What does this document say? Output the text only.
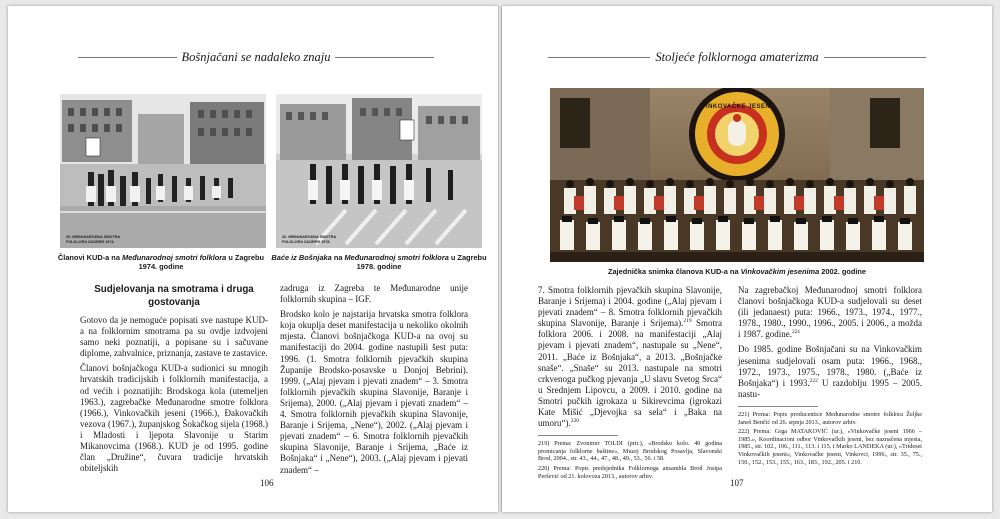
Bošnjačani se nadaleko znaju
33. MEĐUNARODNA SMOTRA FOLKLORA ZAGREB 1974.
32. MEĐUNARODNA SMOTRA FOLKLORA ZAGREB 1978.
Članovi KUD-a na Međunarodnoj smotri folklora u Zagrebu 1974. godine
Baće iz Bošnjaka na Međunarodnoj smotri folklora u Zagrebu 1978. godine
Sudjelovanja na smotrama i druga gostovanja

Gotovo da je nemoguće popisati sve nastupe KUD-a na folklornim smotrama pa su ovdje izdvojeni samo neki poznatiji, a popisane su i sačuvane diplome, zahvalnice, priznanja, zastave te zastavice.

Članovi bošnjačkoga KUD-a sudionici su mnogih hrvatskih tradicijskih i folklornih manifestacija, a od većih i poznatijih: Brodskoga kola (utemeljen 1963.), zagrebačke Međunarodne smotre folklora (1966.), Vinkovačkih jeseni (1966.), Đakovačkih vezova (1967.), županjskog Šokačkog sijela (1968.) i Mladosti i ljepota Slavonije u Starim Mikanovcima (1968.). KUD je od 1995. godine član „Družine“, čuvara tradicije hrvatskih obiteljskih

zadruga iz Zagreba te Međunarodne unije folklornih skupina – IGF.

Brodsko kolo je najstarija hrvatska smotra folklora koja okuplja deset manifestacija u nekoliko okolnih mjesta. Članovi bošnjačkoga KUD-a na ovoj su manifestaciji do 2004. godine nastupili šest puta: 1996. (1. Smotra folklornih pjevačkih skupina Županije Brodsko-posavske u Donjoj Bebrini). 1999. („Alaj pjevam i pjevati znadem“ – 3. Smotra folklornih pjevačkih skupina Slavonije, Baranje i Srijema), 2000. („Alaj pjevam i pjevati znadem“ – 4. Smotra folklornih pjevačkih skupina Slavonije, Baranje i Srijema, „Nene“), 2002. („Alaj pjevam i pjevati znadem“ – 6. Smotra folklornih pjevačkih skupina Slavonije, Baranje i Srijema, „Baće iz Bošnjaka“ i „Nene“), 2003. („Alaj pjevam i pjevati znadem“ –

106
Stoljeće folklornoga amaterizma
VINKOVAČKE JESENI
Zajednička snimka članova KUD-a na Vinkovačkim jesenima 2002. godine

7. Smotra folklornih pjevačkih skupina Slavonije, Baranje i Srijema) i 2004. godine („Alaj pjevam i pjevati znadem“ – 8. Smotra folklornih pjevačkih skupina Slavonije, Baranje i Srijema).$^{219}$ Smotra folklora 2006. i 2008. na manifestaciji „Alaj pjevam i pjevati znadem“, nastupale su „Nene“, 2011. „Baće iz Bošnjaka“, a 2013. „Bošnjačke snaše“. „Snaše“ su 2013. nastupale na smotri crkvenoga pučkog pjevanja „U slavu Svetog Srca“ u Srednjem Lipovcu, a 2009. i 2010. godine na Smotri pučkih igrokaza u Sikirevcima (igrokazi Kate Mišić „Djevojka sa sela“ i „Baka na umoru“).$^{220}$

219) Prema: Zvonimir TOLDI (prir.), «Brodsko kolo. 40 godina promicanja folklorne baštine», Muzej Brodskog Posavlja, Slavonski Brod, 2004., str. 43., 44., 47., 48., 49., 53., 56. i 58.
220) Prema: Popis predsjednika Folklornoga ansambla Brod Josipa Peršević od 21. kolovoza 2013., autorov arhiv.

Na zagrebačkoj Međunarodnoj smotri folklora članovi bošnjačkoga KUD-a sudjelovali su deset (ili jedanaest) puta: 1966., 1973., 1974., 1977., 1978., 1980., 1990., 1996., 2005. i 2006., a možda i 1987. godine.$^{221}$

Do 1985. godine Bošnjačani su na Vinkovačkim jesenima sudjelovali osam puta: 1966., 1968., 1972., 1973., 1975., 1978., 1980. („Baće iz Bošnjaka“) i 1993.$^{222}$ U razdoblju 1995 – 2005. nastu-

221) Prema: Popis producentice Međunarodne smotre folklora Željke Janeš Benčić od 26. srpnja 2013., autorov arhiv.
222) Prema: Grga MATAKOVIĆ (ur.), «Vinkovačke jeseni 1966 – 1985.», Koordinacioni odbor Vinkovačkih jeseni, bez naznačena mjesta, 1985., str. 102., 106., 111., 113. i 115. i Marko LANDEKA (ur.), «Trideset Vinkovačkih jeseni», Vinkovačke jeseni, Vinkovci, 1996., str. 35., 75., 150., 152., 153., 155., 163., 183., 192., 205. i 210.
107
